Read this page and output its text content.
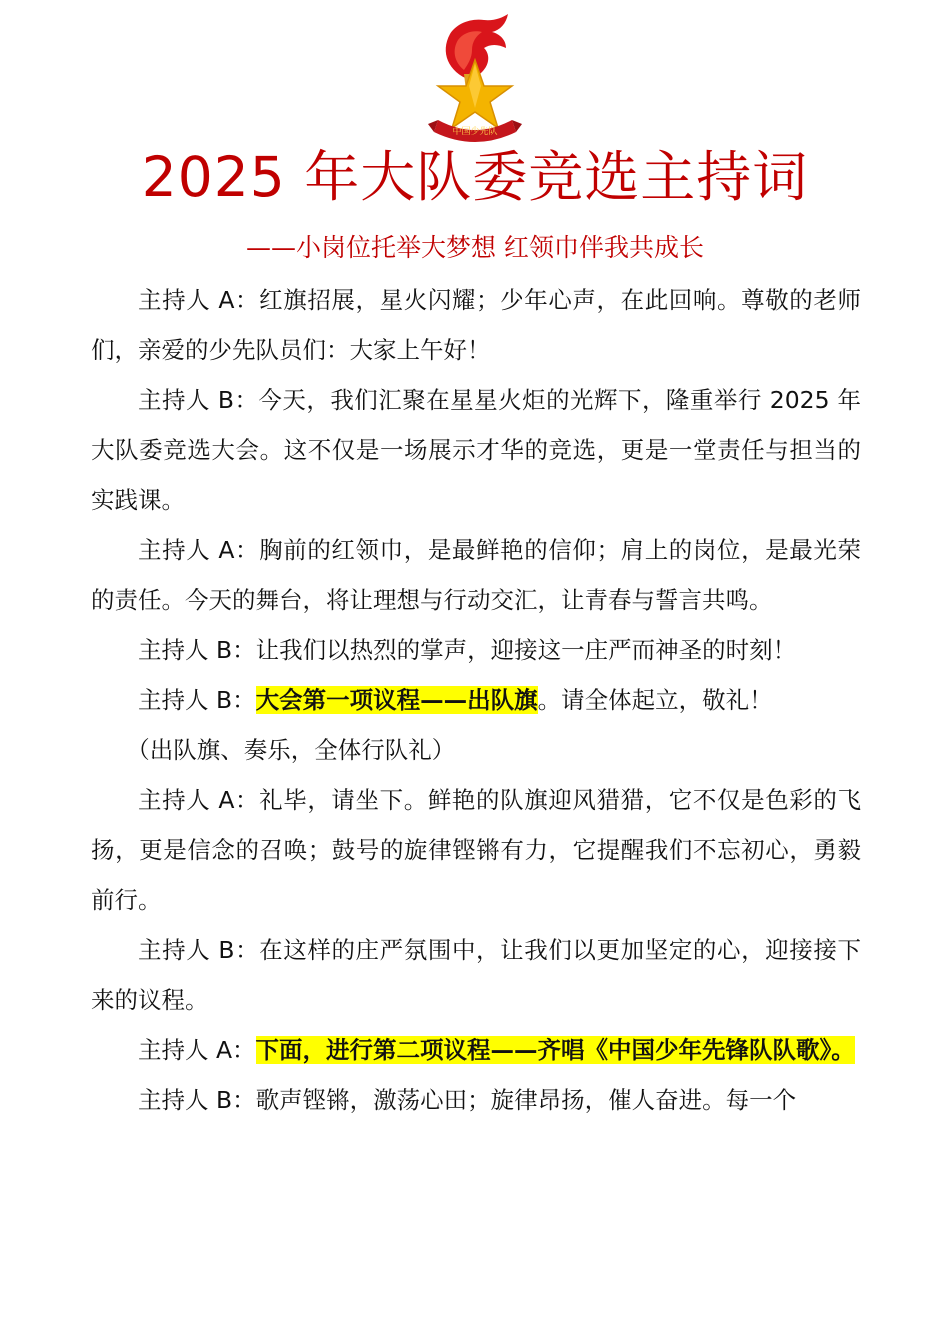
中国少先队
2025 年大队委竞选主持词
——小岗位托举大梦想 红领巾伴我共成长

主持人 A：红旗招展，星火闪耀；少年心声，在此回响。尊敬的老师们，亲爱的少先队员们：大家上午好！

主持人 B：今天，我们汇聚在星星火炬的光辉下，隆重举行 2025 年大队委竞选大会。这不仅是一场展示才华的竞选，更是一堂责任与担当的实践课。

主持人 A：胸前的红领巾，是最鲜艳的信仰；肩上的岗位，是最光荣的责任。今天的舞台，将让理想与行动交汇，让青春与誓言共鸣。

主持人 B：让我们以热烈的掌声，迎接这一庄严而神圣的时刻！

主持人 B：大会第一项议程——出队旗。请全体起立，敬礼！

（出队旗、奏乐，全体行队礼）

主持人 A：礼毕，请坐下。鲜艳的队旗迎风猎猎，它不仅是色彩的飞扬，更是信念的召唤；鼓号的旋律铿锵有力，它提醒我们不忘初心，勇毅前行。

主持人 B：在这样的庄严氛围中，让我们以更加坚定的心，迎接接下来的议程。

主持人 A：下面，进行第二项议程——齐唱《中国少年先锋队队歌》。

主持人 B：歌声铿锵，激荡心田；旋律昂扬，催人奋进。每一个
